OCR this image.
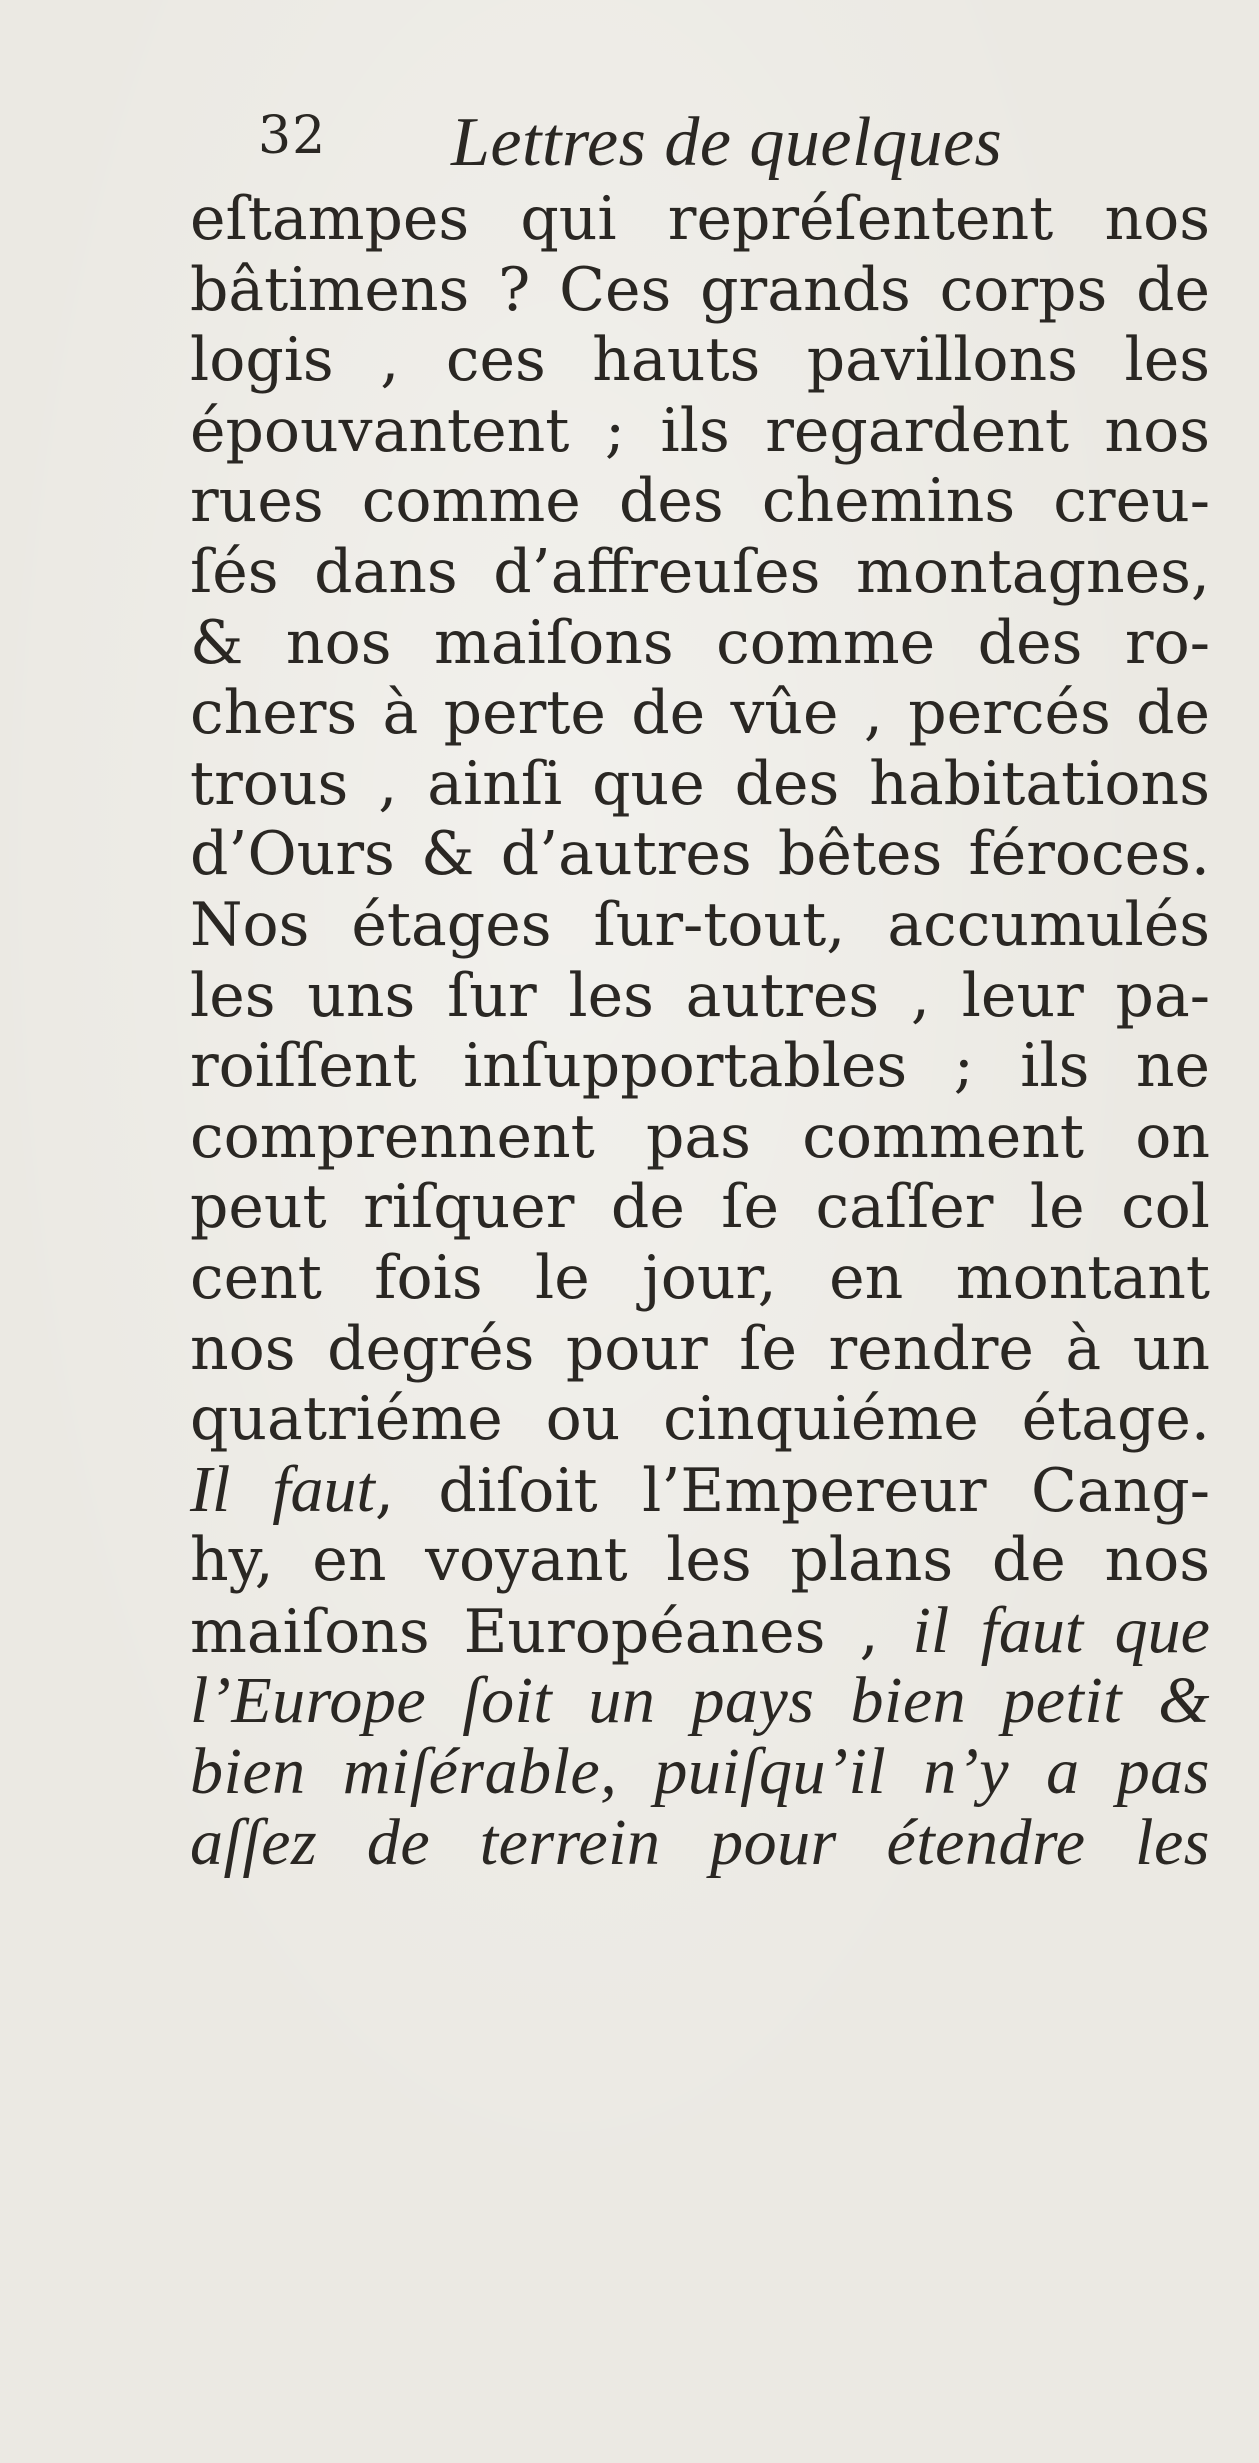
32 Lettres de quelques
eſtampes qui repréſentent nos
bâtimens ? Ces grands corps de
logis , ces hauts pavillons les
épouvantent ; ils regardent nos
rues comme des chemins creu-
ſés dans d’affreuſes montagnes,
& nos maiſons comme des ro-
chers à perte de vûe , percés de
trous , ainſi que des habitations
d’Ours & d’autres bêtes féroces.
Nos étages ſur-tout, accumulés
les uns ſur les autres , leur pa-
roiſſent inſupportables ; ils ne
comprennent pas comment on
peut riſquer de ſe caſſer le col
cent fois le jour, en montant
nos degrés pour ſe rendre à un
quatriéme ou cinquiéme étage.
Il faut, diſoit l’Empereur Cang-
hy, en voyant les plans de nos
maiſons Européanes , il faut que
l’Europe ſoit un pays bien petit &
bien miſérable, puiſqu’il n’y a pas
aſſez de terrein pour étendre les
